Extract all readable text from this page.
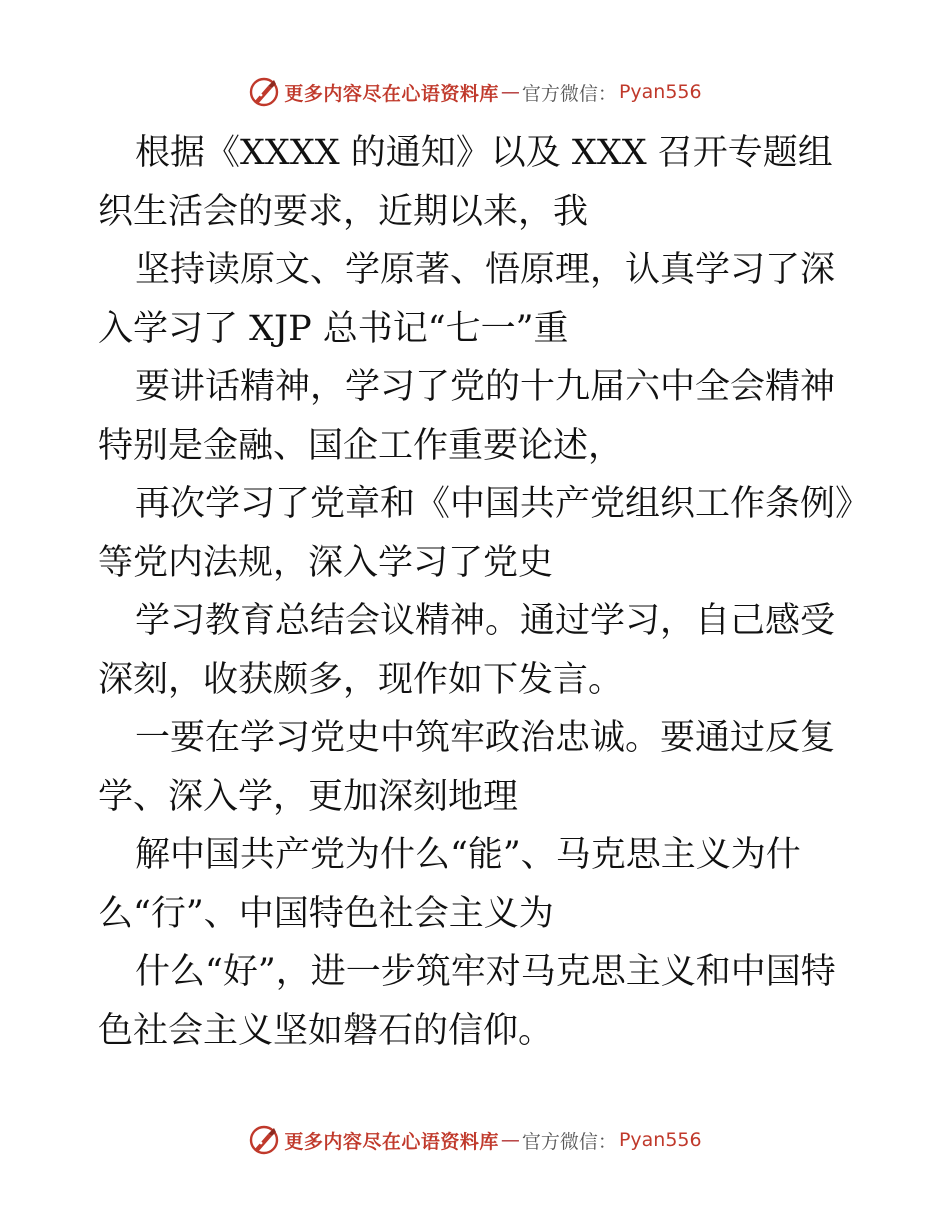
更多内容尽在心语资料库 — 官方微信： Pyan556

根据《XXXX 的通知》以及 XXX 召开专题组织生活会的要求，近期以来，我

坚持读原文、学原著、悟原理，认真学习了深入学习了 XJP 总书记“七一”重

要讲话精神，学习了党的十九届六中全会精神特别是金融、国企工作重要论述，

再次学习了党章和《中国共产党组织工作条例》等党内法规，深入学习了党史

学习教育总结会议精神。通过学习，自己感受深刻，收获颇多，现作如下发言。

一要在学习党史中筑牢政治忠诚。要通过反复学、深入学，更加深刻地理

解中国共产党为什么“能”、马克思主义为什么“行”、中国特色社会主义为

什么“好”，进一步筑牢对马克思主义和中国特色社会主义坚如磐石的信仰。

更多内容尽在心语资料库 — 官方微信： Pyan556
